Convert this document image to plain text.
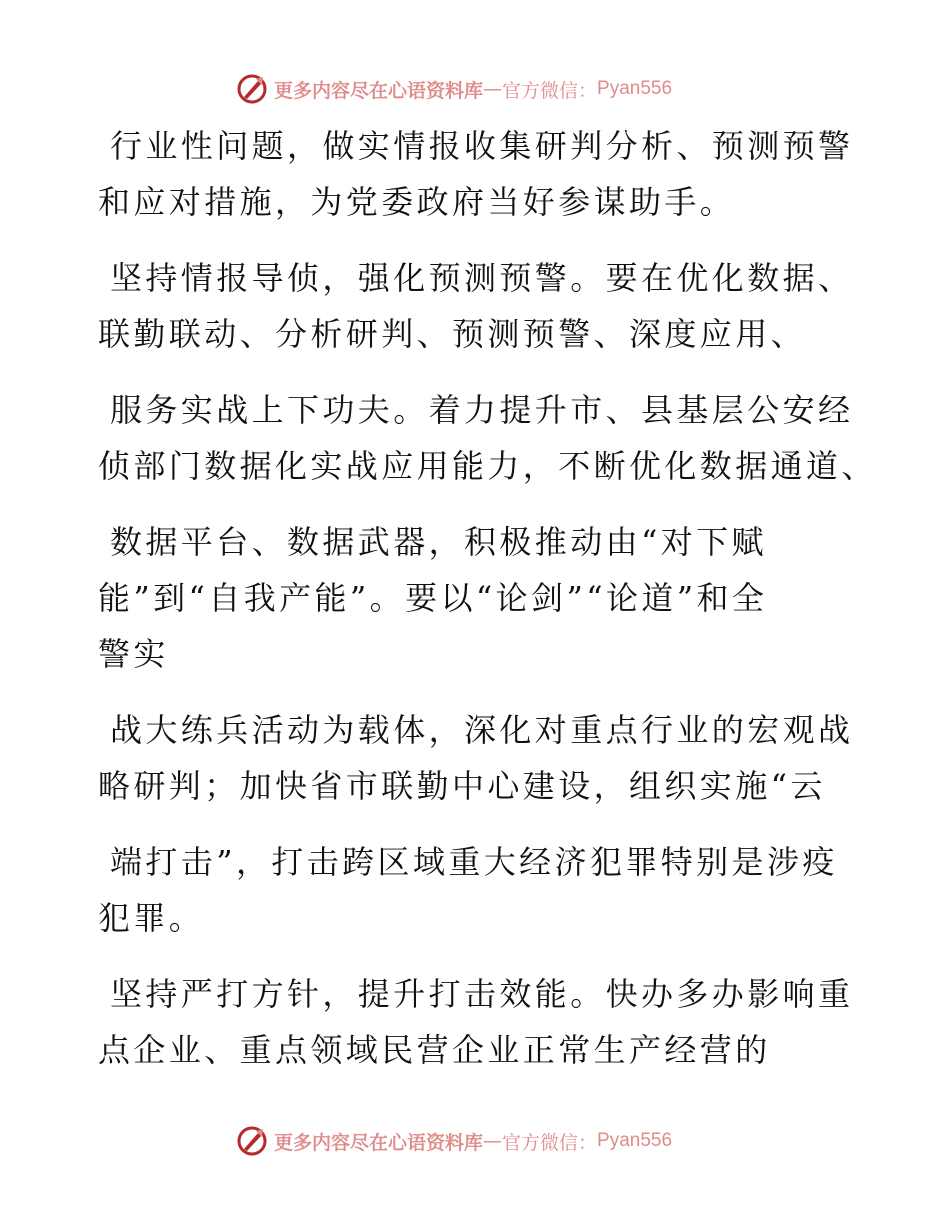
更多内容尽在心语资料库 — 官方微信： Pyan556

行业性问题，做实情报收集研判分析、预测预警

和应对措施，为党委政府当好参谋助手。

坚持情报导侦，强化预测预警。要在优化数据、

联勤联动、分析研判、预测预警、深度应用、

服务实战上下功夫。着力提升市、县基层公安经

侦部门数据化实战应用能力，不断优化数据通道、

数据平台、数据武器，积极推动由“对下赋

能”到“自我产能”。要以“论剑”“论道”和全

警实

战大练兵活动为载体，深化对重点行业的宏观战

略研判；加快省市联勤中心建设，组织实施“云

端打击”，打击跨区域重大经济犯罪特别是涉疫

犯罪。

坚持严打方针，提升打击效能。快办多办影响重

点企业、重点领域民营企业正常生产经营的

更多内容尽在心语资料库 — 官方微信： Pyan556
